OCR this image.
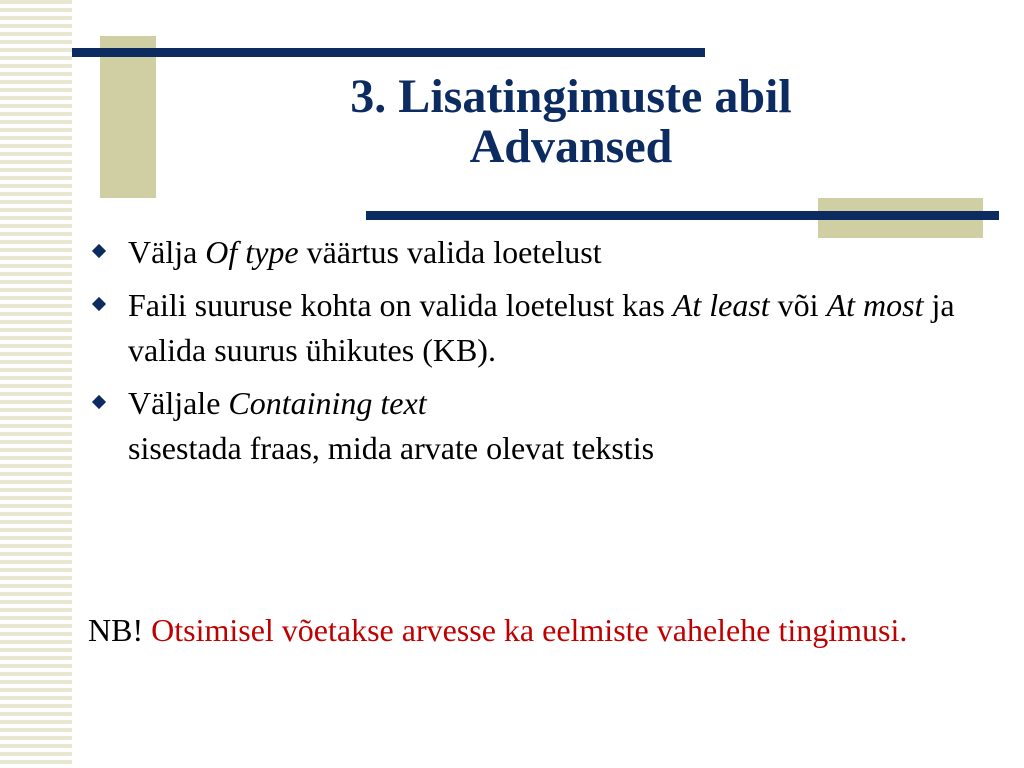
3. Lisatingimuste abil
Advansed
Välja Of type väärtus valida loetelust
Faili suuruse kohta on valida loetelust kas At least või At most ja valida suurus ühikutes (KB).
Väljale Containing text
sisestada fraas, mida arvate olevat tekstis
NB! Otsimisel võetakse arvesse ka eelmiste vahelehe tingimusi.
